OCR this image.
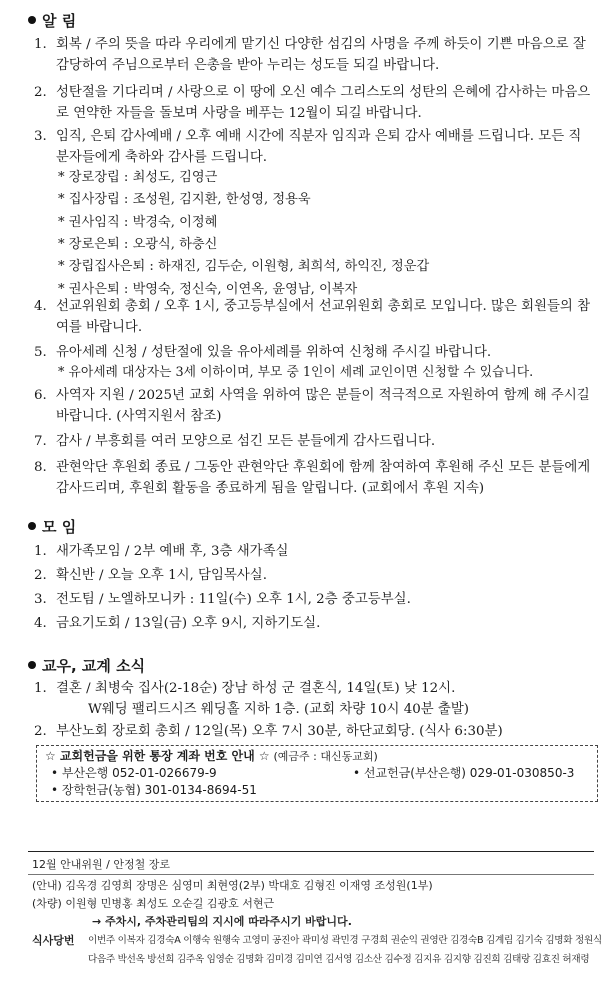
알 림
1. 회복 / 주의 뜻을 따라 우리에게 맡기신 다양한 섬김의 사명을 주께 하듯이 기쁜 마음으로 잘 감당하여 주님으로부터 은총을 받아 누리는 성도들 되길 바랍니다.
2. 성탄절을 기다리며 / 사랑으로 이 땅에 오신 예수 그리스도의 성탄의 은혜에 감사하는 마음으로 연약한 자들을 돌보며 사랑을 베푸는 12월이 되길 바랍니다.
3. 임직, 은퇴 감사예배 / 오후 예배 시간에 직분자 임직과 은퇴 감사 예배를 드립니다. 모든 직분자들에게 축하와 감사를 드립니다.
* 장로장립 : 최성도, 김영근
* 집사장립 : 조성원, 김지환, 한성영, 정용욱
* 권사임직 : 박경숙, 이정혜
* 장로은퇴 : 오광식, 하충신
* 장립집사은퇴 : 하재진, 김두순, 이원형, 최희석, 하익진, 정운갑
* 권사은퇴 : 박영숙, 정신숙, 이연옥, 윤영남, 이복자
4. 선교위원회 총회 / 오후 1시, 중고등부실에서 선교위원회 총회로 모입니다. 많은 회원들의 참여를 바랍니다.
5. 유아세례 신청 / 성탄절에 있을 유아세례를 위하여 신청해 주시길 바랍니다.
* 유아세례 대상자는 3세 이하이며, 부모 중 1인이 세례 교인이면 신청할 수 있습니다.
6. 사역자 지원 / 2025년 교회 사역을 위하여 많은 분들이 적극적으로 자원하여 함께 해 주시길 바랍니다. (사역지원서 참조)
7. 감사 / 부흥회를 여러 모양으로 섬긴 모든 분들에게 감사드립니다.
8. 관현악단 후원회 종료 / 그동안 관현악단 후원회에 함께 참여하여 후원해 주신 모든 분들에게 감사드리며, 후원회 활동을 종료하게 됨을 알립니다. (교회에서 후원 지속)
모 임
1. 새가족모임 / 2부 예배 후, 3층 새가족실
2. 확신반 / 오늘 오후 1시, 담임목사실.
3. 전도팀 / 노엘하모니카 : 11일(수) 오후 1시, 2층 중고등부실.
4. 금요기도회 / 13일(금) 오후 9시, 지하기도실.
교우, 교계 소식
1. 결혼 / 최병숙 집사(2-18순) 장남 하성 군 결혼식, 14일(토) 낮 12시.
W웨딩 팰리드시즈 웨딩홀 지하 1층. (교회 차량 10시 40분 출발)
2. 부산노회 장로회 총회 / 12일(목) 오후 7시 30분, 하단교회당. (식사 6:30분)
☆ 교회헌금을 위한 통장 계좌 번호 안내 ☆ (예금주 : 대신동교회)
• 부산은행 052-01-026679-9	• 선교헌금(부산은행) 029-01-030850-3
• 장학헌금(농협) 301-0134-8694-51
12월 안내위원 / 안정철 장로
(안내) 김옥경 김영희 장명은 심영미 최현영(2부) 박대호 김형진 이재영 조성원(1부)
(차량) 이원형 민병홍 최성도 오순길 김광호 서현근
→ 주차시, 주차관리팀의 지시에 따라주시기 바랍니다.
식사당번 이번주 이복자 김경숙A 이행숙 원행숙 고영미 공진아 곽미성 곽민경 구경희 권순익 권영란 김경숙B 김계림 김기숙 김명화 정원식
다음주 박선옥 방선희 김주옥 임영순 김명화 김미경 김미연 김서영 김소산 김수정 김지유 김지향 김진희 김태랑 김효진 허재령
